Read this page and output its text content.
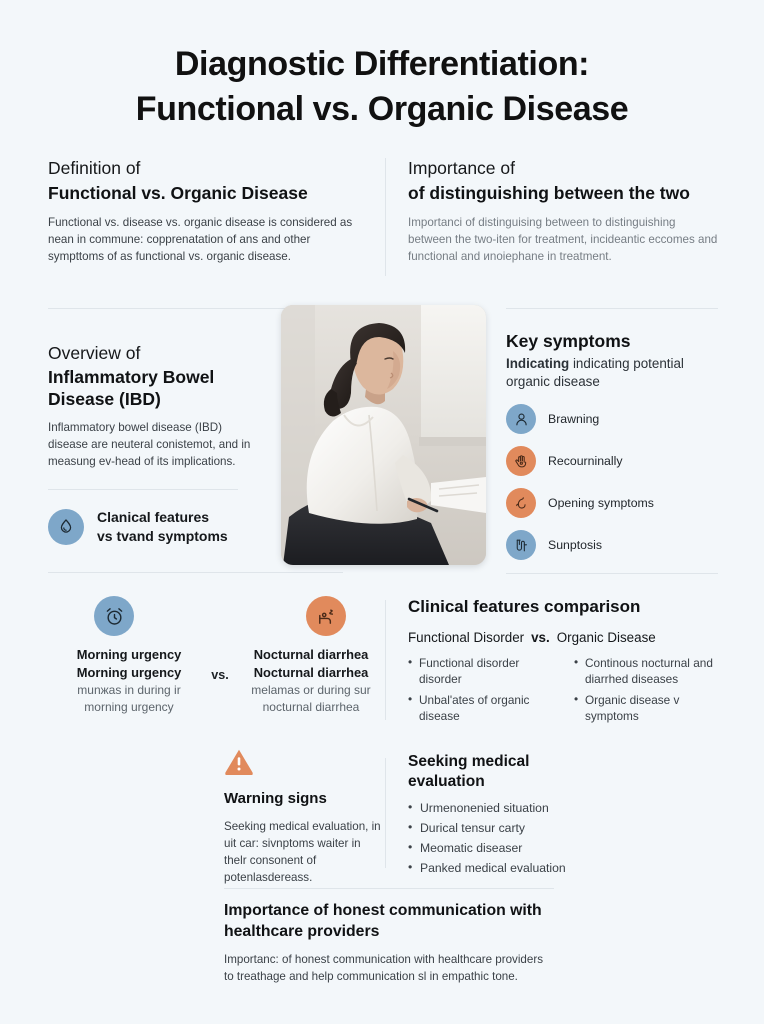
Diagnostic Differentiation:
Functional vs. Organic Disease
Definition of
Functional vs. Organic Disease
Functional vs. disease vs. organic disease is considered as nean in commune: copprenatation of ans and other sympttoms of as functional vs. organic disease.
Importance of
of distinguishing between the two
Importanci of distinguising between to distinguishing between the two-iten for treatment, incideantic eccomes and functional and иnоiephane in treatment.
Overview of
Inflammatory Bowel Disease (IBD)
Inflammatory bowel disease (IBD) disease are neuteral conistemot, and in measung ev-head of its implications.
Clanical features
vs tvand symptoms
Key symptoms
Indicating indicating potential organic disease
Brawning
Recourninally
Opening symptoms
Sunptosis
Morning urgency
Morning urgency
munжas in during ir
morning urgency
vs.
Nocturnal diarrhea
Nocturnal diarrhea
melamas or during sur
nocturnal diarrhea
Clinical features comparison
Functional Disorder vs. Organic Disease
• Functional disorder disorder
• Unbal'ates of organic disease
• Continous nocturnal and diarrhed diseases
• Organic disease v symptoms
Warning signs
Seeking medical evaluation, in uit car: sivnptoms waiter in thelr consonent of potenlasdereass.
Seeking medical
evaluation
• Urmenonenied situation
• Durical tensur carty
• Meomatic diseaser
• Panked medical evaluation
Importance of honest communication with
healthcare providers
Importanc: of honest communication with healthcare providers to treathage and help communication sl in empathic tone.
